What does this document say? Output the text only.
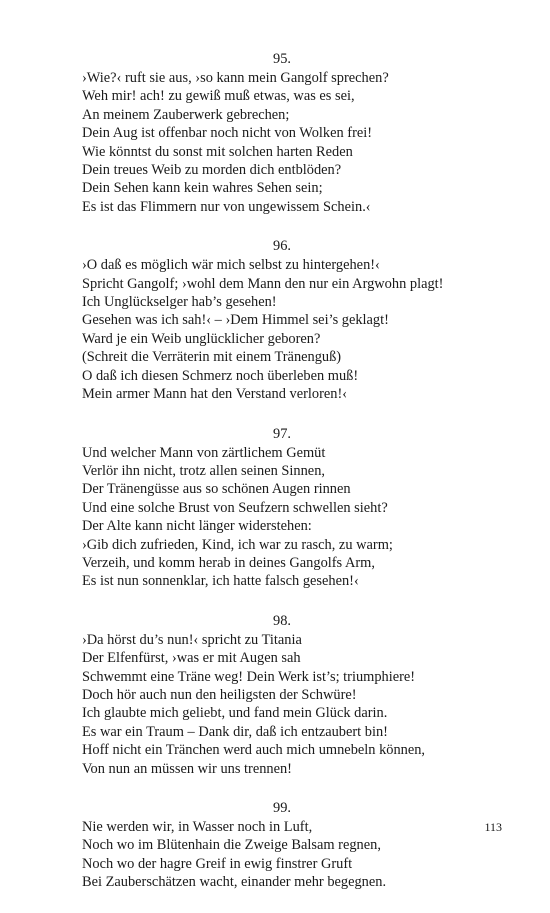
95.
›Wie?‹ ruft sie aus, ›so kann mein Gangolf sprechen?
Weh mir! ach! zu gewiß muß etwas, was es sei,
An meinem Zauberwerk gebrechen;
Dein Aug ist offenbar noch nicht von Wolken frei!
Wie könntst du sonst mit solchen harten Reden
Dein treues Weib zu morden dich entblöden?
Dein Sehen kann kein wahres Sehen sein;
Es ist das Flimmern nur von ungewissem Schein.‹
96.
›O daß es möglich wär mich selbst zu hintergehen!‹
Spricht Gangolf; ›wohl dem Mann den nur ein Argwohn plagt!
Ich Unglückselger hab’s gesehen!
Gesehen was ich sah!‹ – ›Dem Himmel sei’s geklagt!
Ward je ein Weib unglücklicher geboren?
(Schreit die Verräterin mit einem Tränenguß)
O daß ich diesen Schmerz noch überleben muß!
Mein armer Mann hat den Verstand verloren!‹
97.
Und welcher Mann von zärtlichem Gemüt
Verlör ihn nicht, trotz allen seinen Sinnen,
Der Tränengüsse aus so schönen Augen rinnen
Und eine solche Brust von Seufzern schwellen sieht?
Der Alte kann nicht länger widerstehen:
›Gib dich zufrieden, Kind, ich war zu rasch, zu warm;
Verzeih, und komm herab in deines Gangolfs Arm,
Es ist nun sonnenklar, ich hatte falsch gesehen!‹
98.
›Da hörst du’s nun!‹ spricht zu Titania
Der Elfenfürst, ›was er mit Augen sah
Schwemmt eine Träne weg! Dein Werk ist’s; triumphiere!
Doch hör auch nun den heiligsten der Schwüre!
Ich glaubte mich geliebt, und fand mein Glück darin.
Es war ein Traum – Dank dir, daß ich entzaubert bin!
Hoff nicht ein Tränchen werd auch mich umnebeln können,
Von nun an müssen wir uns trennen!
99.
Nie werden wir, in Wasser noch in Luft,
Noch wo im Blütenhain die Zweige Balsam regnen,
Noch wo der hagre Greif in ewig finstrer Gruft
Bei Zauberschätzen wacht, einander mehr begegnen.
113
